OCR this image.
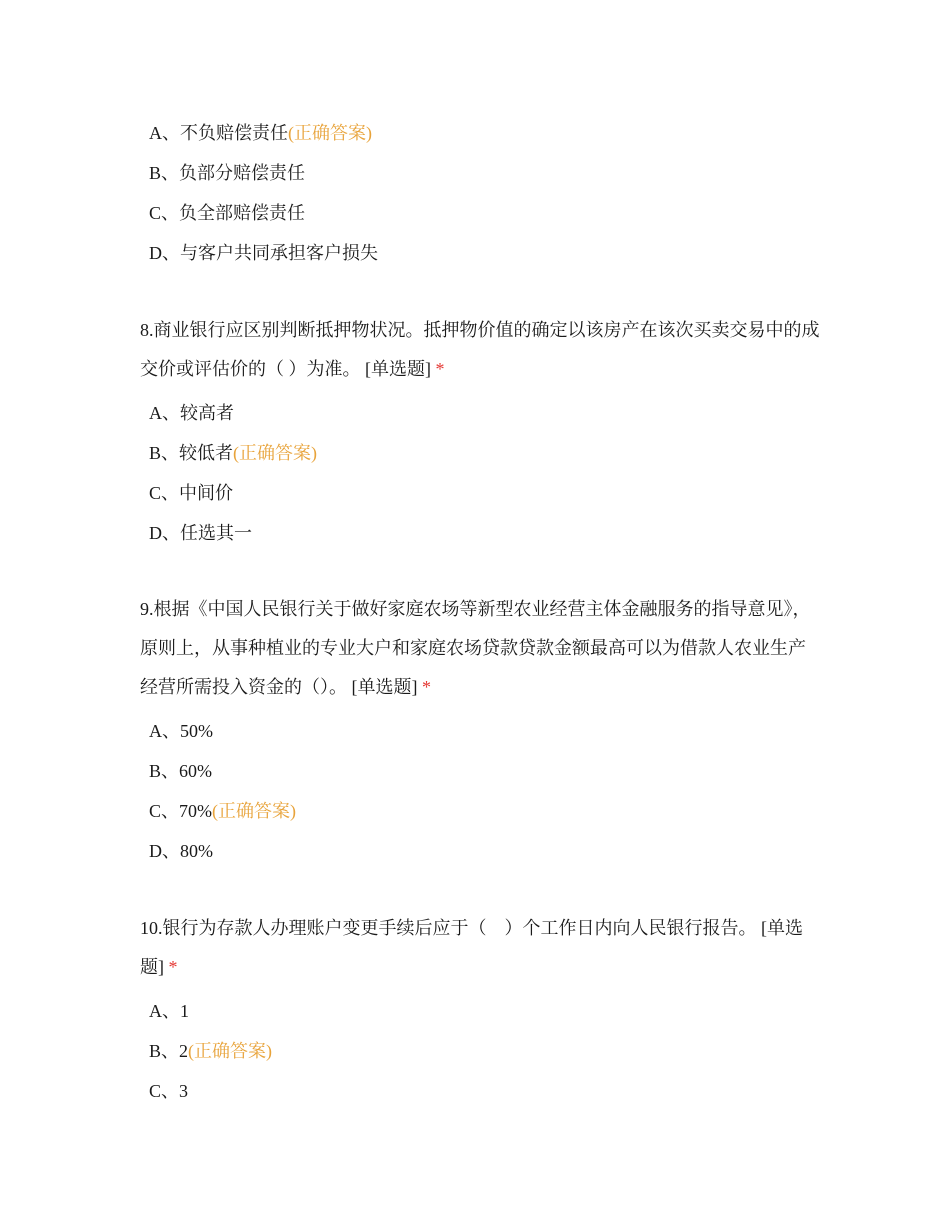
A、不负赔偿责任(正确答案)
B、负部分赔偿责任
C、负全部赔偿责任
D、与客户共同承担客户损失
8.商业银行应区别判断抵押物状况。抵押物价值的确定以该房产在该次买卖交易中的成交价或评估价的（ ）为准。 [单选题] *
A、较高者
B、较低者(正确答案)
C、中间价
D、任选其一
9.根据《中国人民银行关于做好家庭农场等新型农业经营主体金融服务的指导意见》，原则上，从事种植业的专业大户和家庭农场贷款贷款金额最高可以为借款人农业生产经营所需投入资金的（）。 [单选题] *
A、50%
B、60%
C、70%(正确答案)
D、80%
10.银行为存款人办理账户变更手续后应于（　）个工作日内向人民银行报告。 [单选题] *
A、1
B、2(正确答案)
C、3
